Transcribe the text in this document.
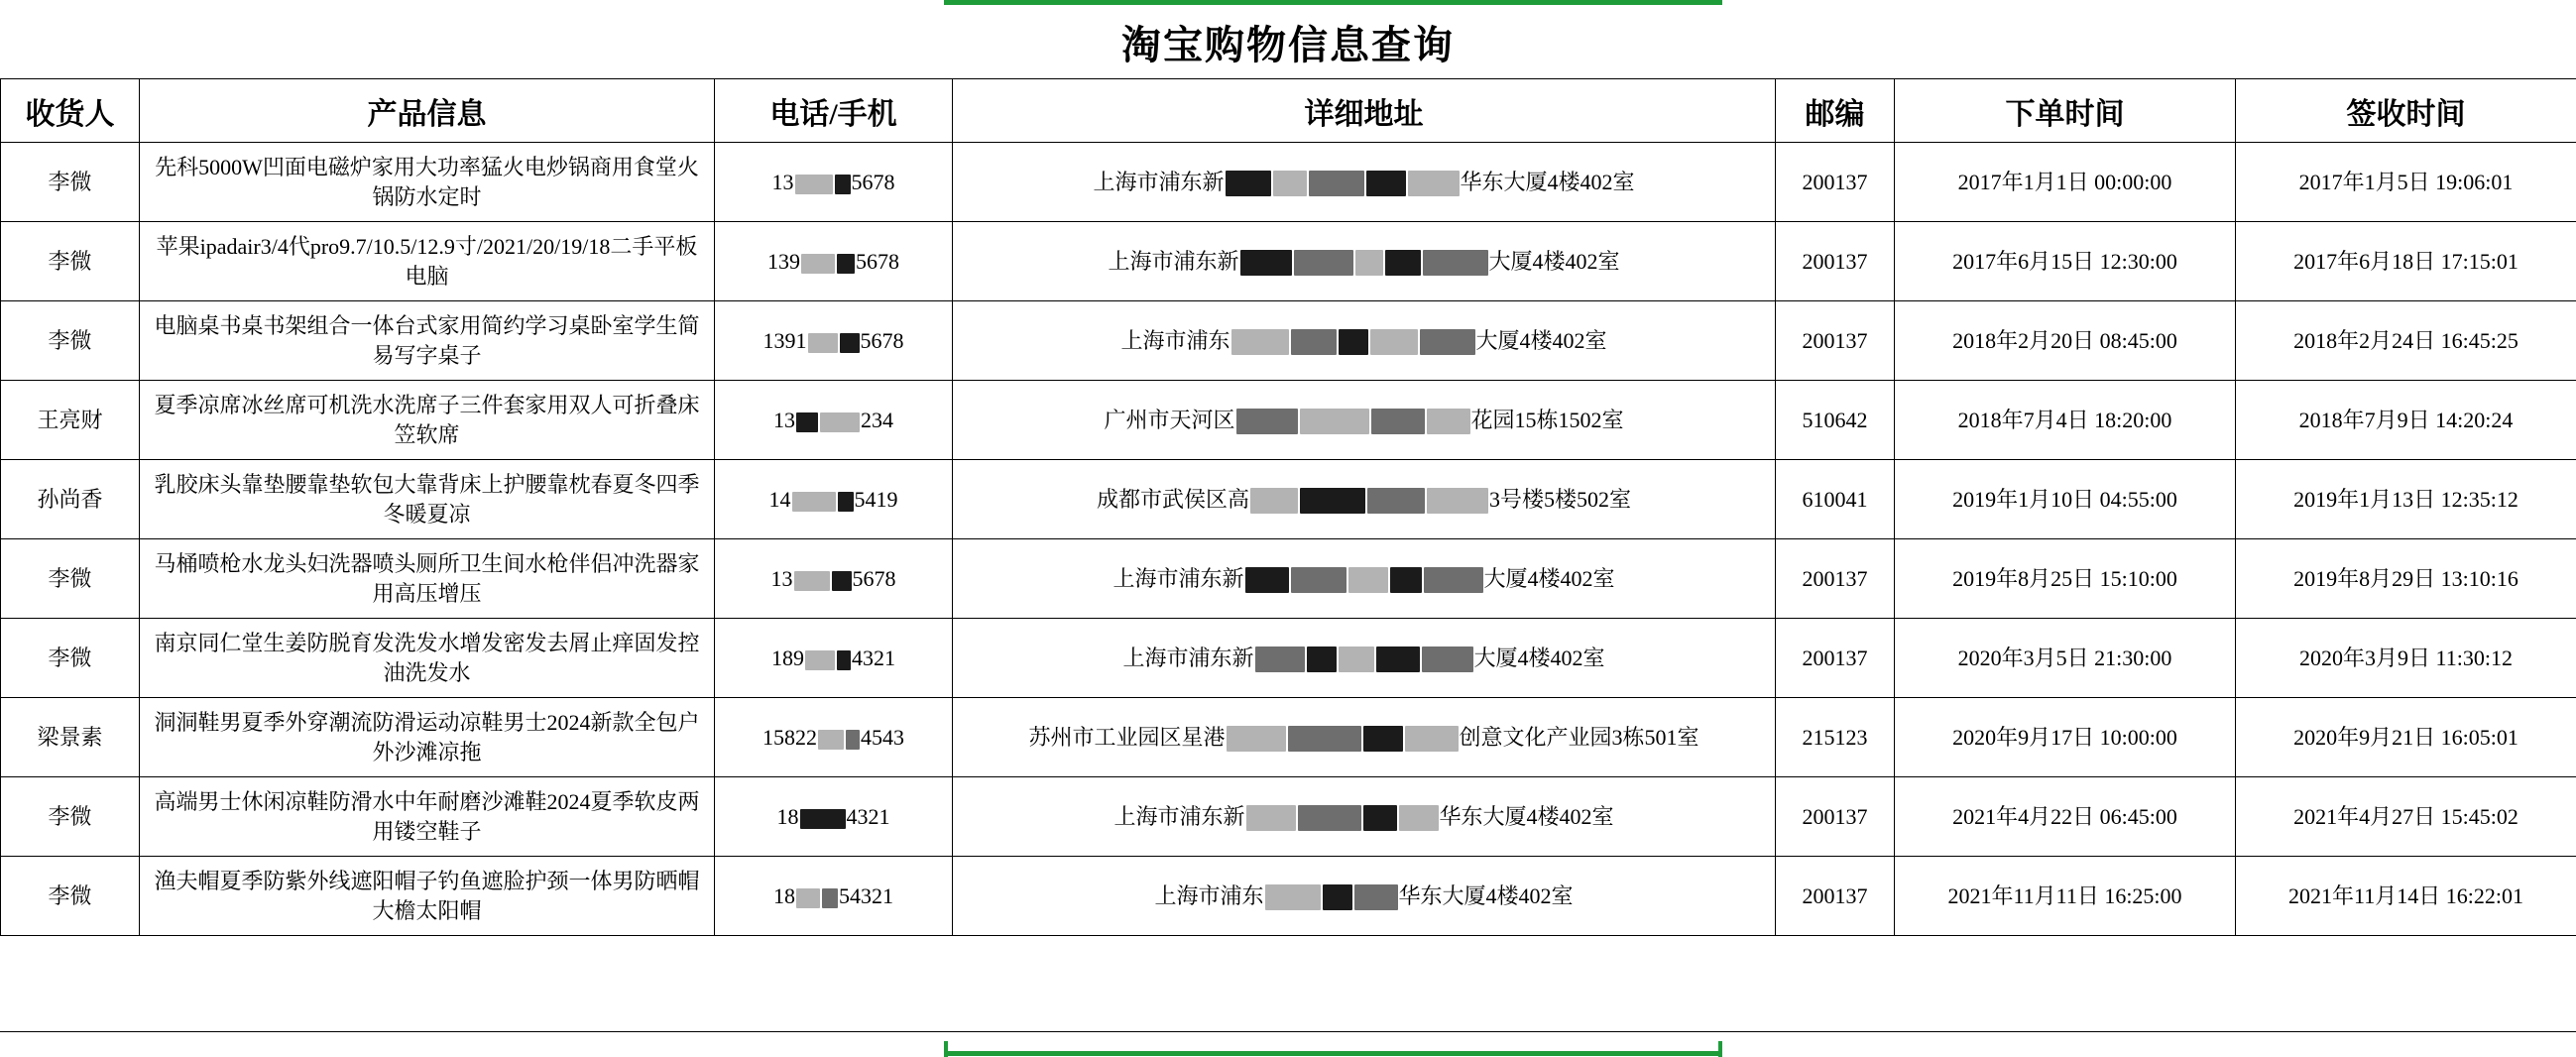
淘宝购物信息查询
收货人	产品信息	电话/手机	详细地址	邮编	下单时间	签收时间
李微	先科5000W凹面电磁炉家用大功率猛火电炒锅商用食堂火锅防水定时	13 5678	上海市浦东新 华东大厦4楼402室	200137	2017年1月1日 00:00:00	2017年1月5日 19:06:01
李微	苹果ipadair3/4代pro9.7/10.5/12.9寸/2021/20/19/18二手平板电脑	139 5678	上海市浦东新 大厦4楼402室	200137	2017年6月15日 12:30:00	2017年6月18日 17:15:01
李微	电脑桌书桌书架组合一体台式家用简约学习桌卧室学生简易写字桌子	1391 5678	上海市浦东 大厦4楼402室	200137	2018年2月20日 08:45:00	2018年2月24日 16:45:25
王亮财	夏季凉席冰丝席可机洗水洗席子三件套家用双人可折叠床笠软席	13 234	广州市天河区 花园15栋1502室	510642	2018年7月4日 18:20:00	2018年7月9日 14:20:24
孙尚香	乳胶床头靠垫腰靠垫软包大靠背床上护腰靠枕春夏冬四季冬暖夏凉	14 5419	成都市武侯区高 3号楼5楼502室	610041	2019年1月10日 04:55:00	2019年1月13日 12:35:12
李微	马桶喷枪水龙头妇洗器喷头厕所卫生间水枪伴侣冲洗器家用高压增压	13 5678	上海市浦东新 大厦4楼402室	200137	2019年8月25日 15:10:00	2019年8月29日 13:10:16
李微	南京同仁堂生姜防脱育发洗发水增发密发去屑止痒固发控油洗发水	189 4321	上海市浦东新 大厦4楼402室	200137	2020年3月5日 21:30:00	2020年3月9日 11:30:12
梁景素	洞洞鞋男夏季外穿潮流防滑运动凉鞋男士2024新款全包户外沙滩凉拖	15822 4543	苏州市工业园区星港 创意文化产业园3栋501室	215123	2020年9月17日 10:00:00	2020年9月21日 16:05:01
李微	高端男士休闲凉鞋防滑水中年耐磨沙滩鞋2024夏季软皮两用镂空鞋子	18 4321	上海市浦东新 华东大厦4楼402室	200137	2021年4月22日 06:45:00	2021年4月27日 15:45:02
李微	渔夫帽夏季防紫外线遮阳帽子钓鱼遮脸护颈一体男防晒帽大檐太阳帽	18 54321	上海市浦东 华东大厦4楼402室	200137	2021年11月11日 16:25:00	2021年11月14日 16:22:01
